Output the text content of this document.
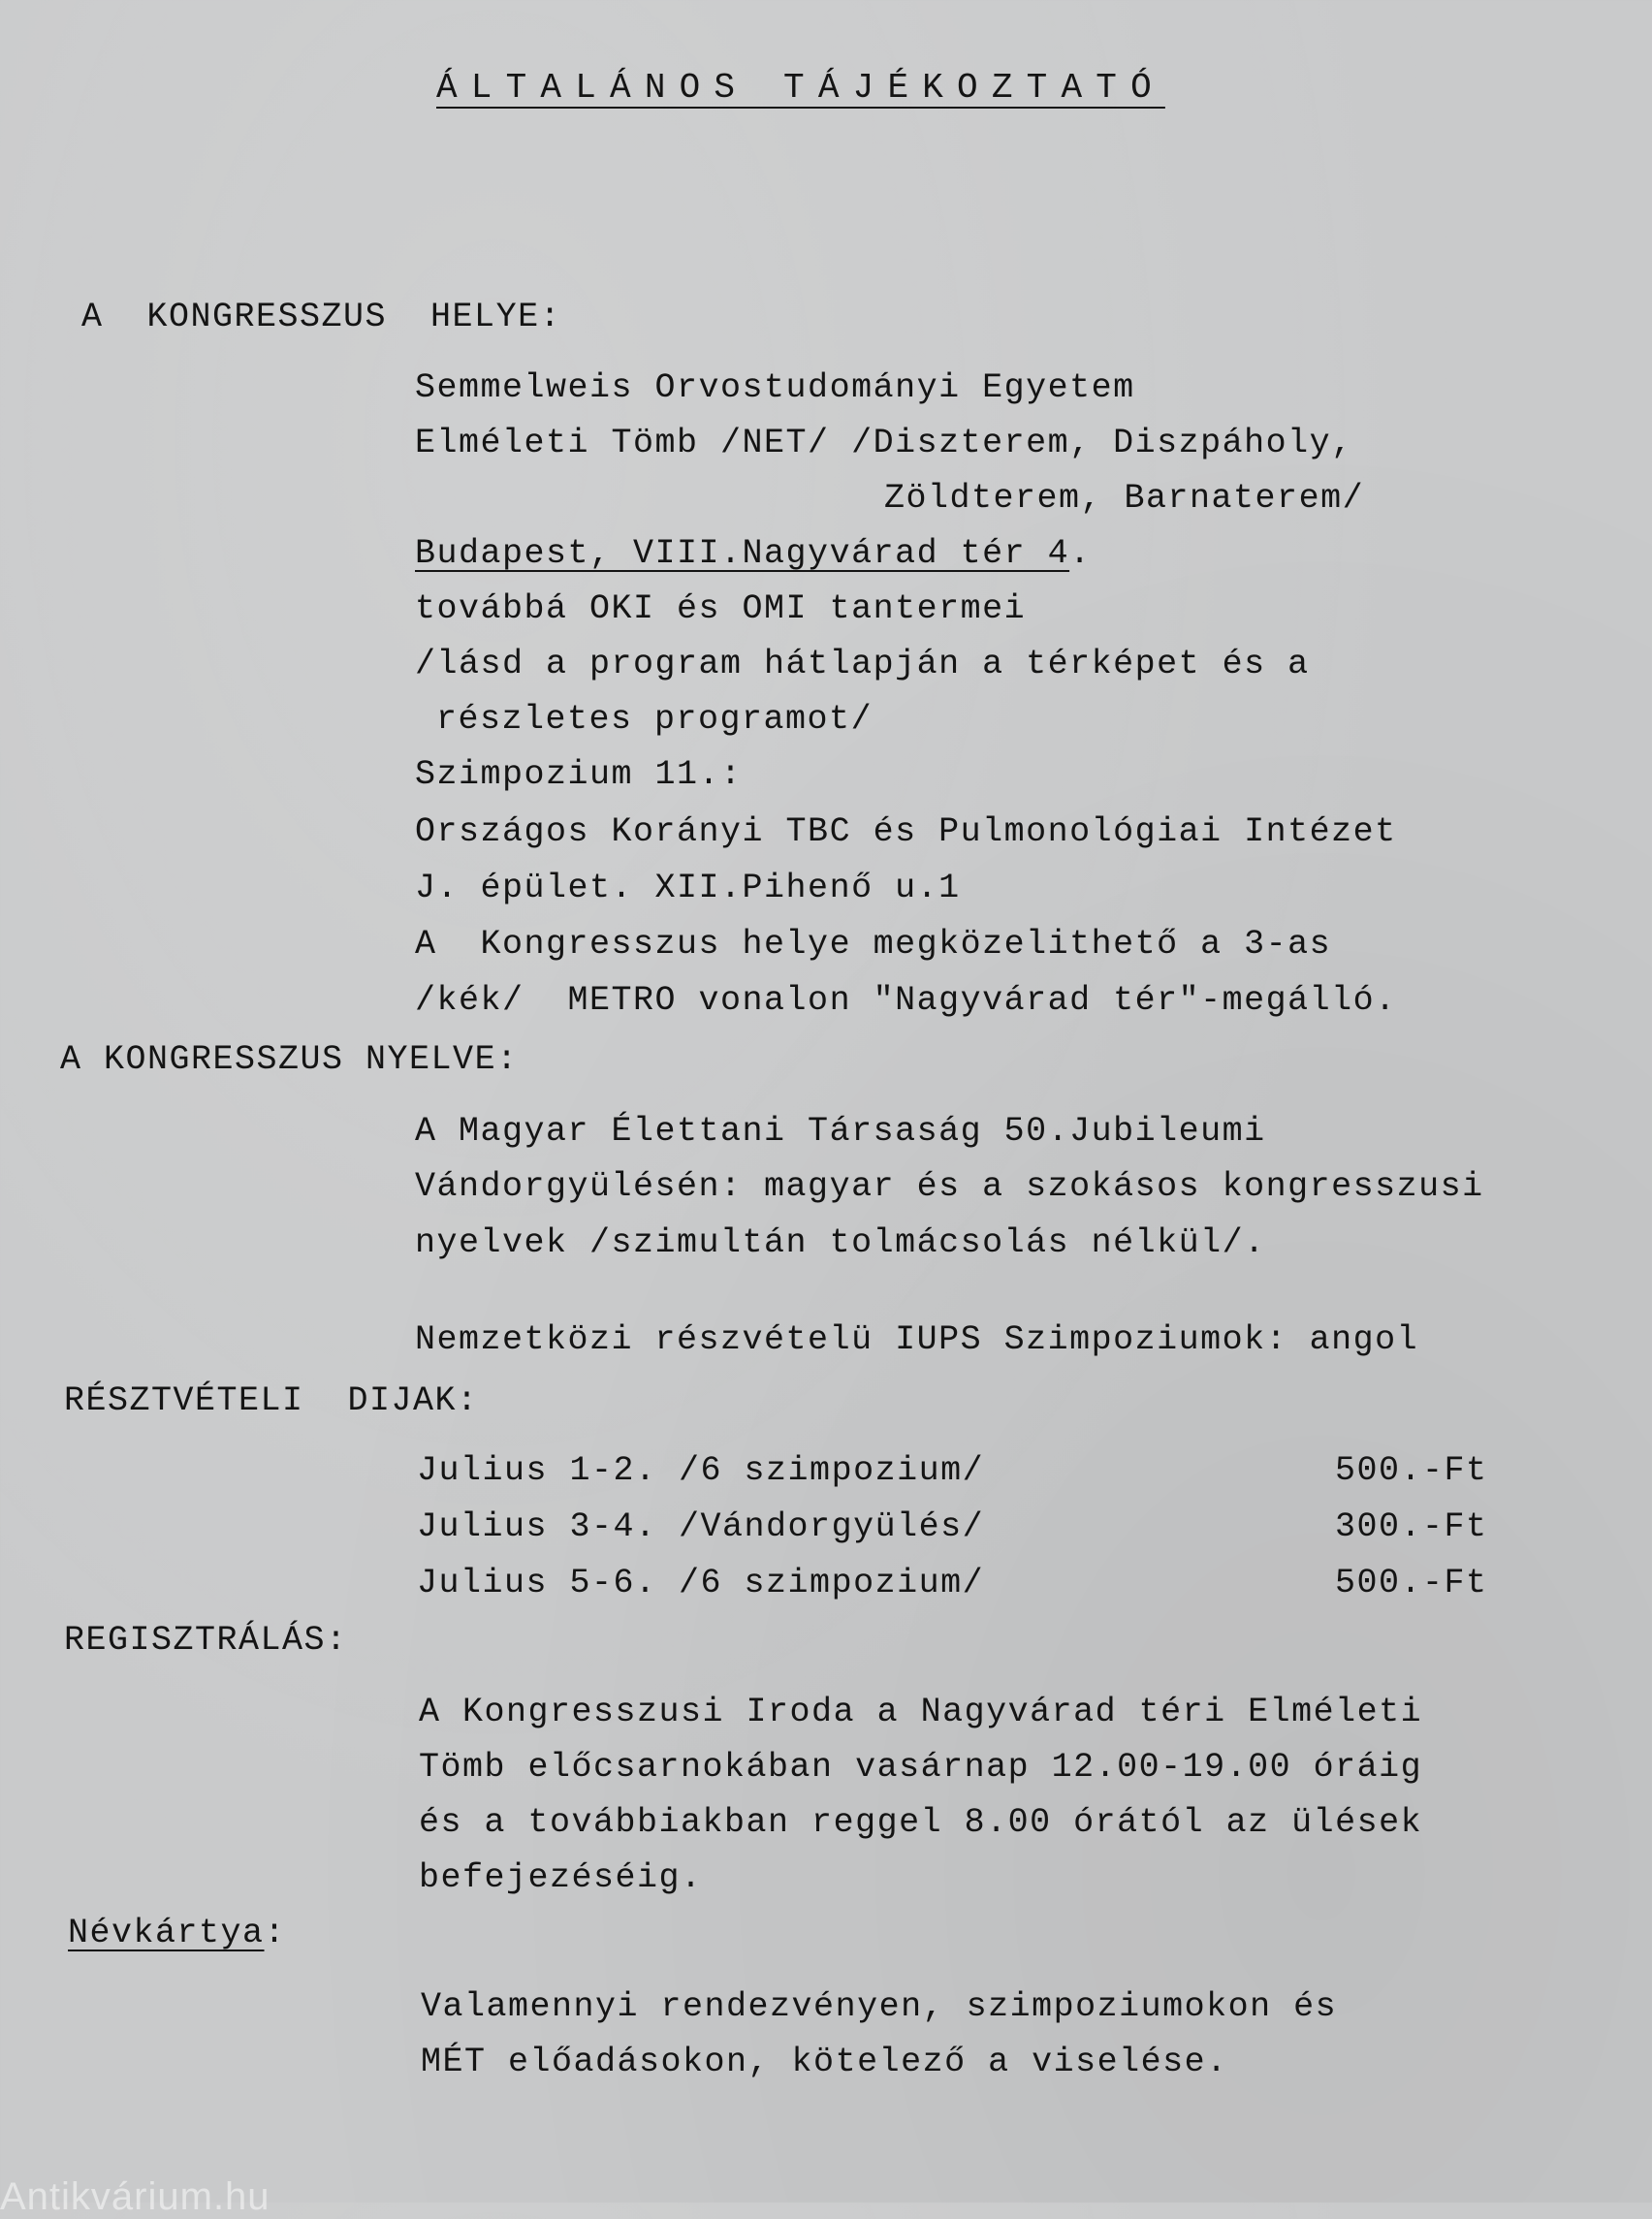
ÁLTALÁNOS TÁJÉKOZTATÓ
A  KONGRESSZUS  HELYE:
Semmelweis Orvostudományi Egyetem
Elméleti Tömb /NET/ /Diszterem, Diszpáholy,
Zöldterem, Barnaterem/
Budapest, VIII.Nagyvárad tér 4.
továbbá OKI és OMI tantermei
/lásd a program hátlapján a térképet és a
részletes programot/
Szimpozium 11.:
Országos Korányi TBC és Pulmonológiai Intézet
J. épület. XII.Pihenő u.1
A  Kongresszus helye megközelithető a 3-as
/kék/  METRO vonalon "Nagyvárad tér"-megálló.
A KONGRESSZUS NYELVE:
A Magyar Élettani Társaság 50.Jubileumi
Vándorgyülésén: magyar és a szokásos kongresszusi
nyelvek /szimultán tolmácsolás nélkül/.
Nemzetközi részvételü IUPS Szimpoziumok: angol
RÉSZTVÉTELI  DIJAK:
Julius 1-2. /6 szimpozium/	500.-Ft
Julius 3-4. /Vándorgyülés/	300.-Ft
Julius 5-6. /6 szimpozium/	500.-Ft
REGISZTRÁLÁS:
A Kongresszusi Iroda a Nagyvárad téri Elméleti
Tömb előcsarnokában vasárnap 12.00-19.00 óráig
és a továbbiakban reggel 8.00 órától az ülések
befejezéséig.
Névkártya:
Valamennyi rendezvényen, szimpoziumokon és
MÉT előadásokon, kötelező a viselése.
Antikvárium.hu
